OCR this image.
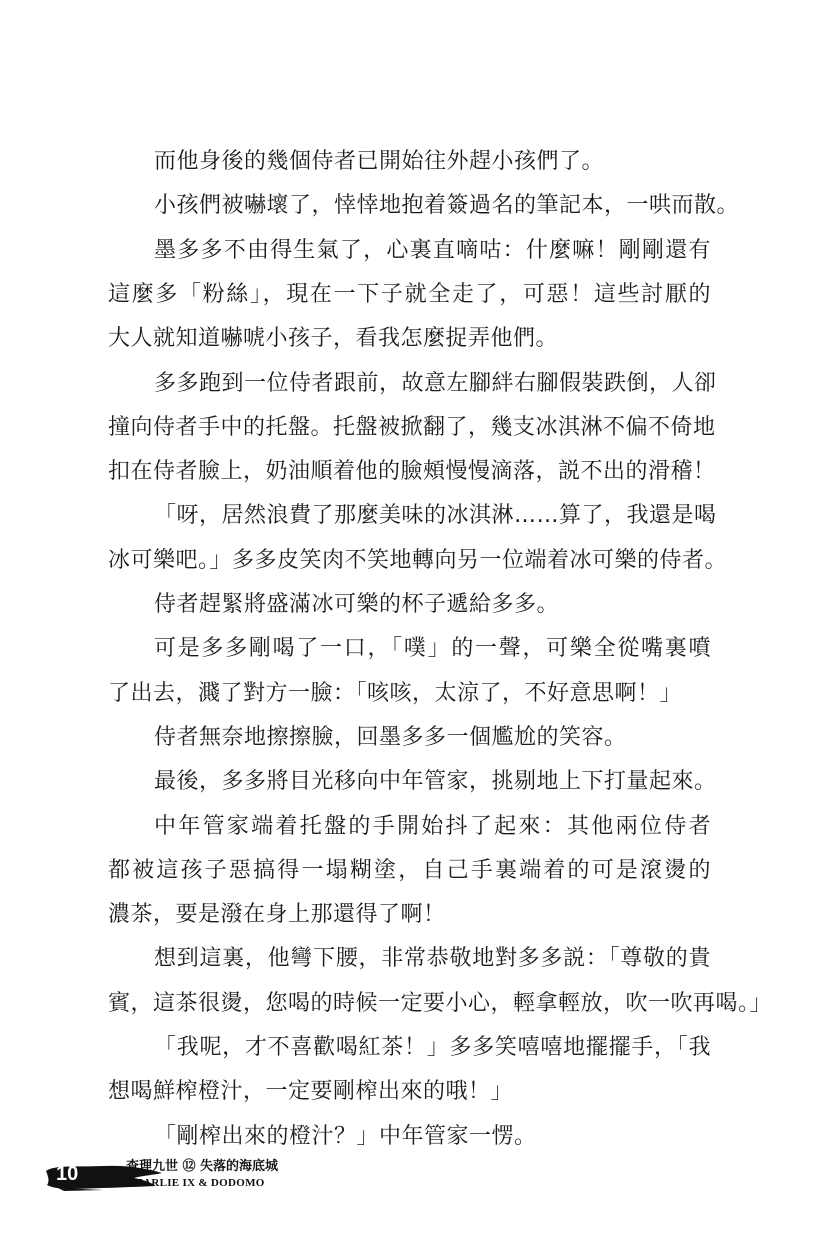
而他身後的幾個侍者已開始往外趕小孩們了。
小孩們被嚇壞了，悻悻地抱着簽過名的筆記本，一哄而散。
墨多多不由得生氣了，心裏直嘀咕：什麼嘛！剛剛還有
這麼多「粉絲」，現在一下子就全走了，可惡！這些討厭的
大人就知道嚇唬小孩子，看我怎麼捉弄他們。
多多跑到一位侍者跟前，故意左腳絆右腳假裝跌倒，人卻
撞向侍者手中的托盤。托盤被掀翻了，幾支冰淇淋不偏不倚地
扣在侍者臉上，奶油順着他的臉頰慢慢滴落，説不出的滑稽！
「呀，居然浪費了那麼美味的冰淇淋……算了，我還是喝
冰可樂吧。」多多皮笑肉不笑地轉向另一位端着冰可樂的侍者。
侍者趕緊將盛滿冰可樂的杯子遞給多多。
可是多多剛喝了一口，「噗」的一聲，可樂全從嘴裏噴
了出去，濺了對方一臉：「咳咳，太涼了，不好意思啊！」
侍者無奈地擦擦臉，回墨多多一個尷尬的笑容。
最後，多多將目光移向中年管家，挑剔地上下打量起來。
中年管家端着托盤的手開始抖了起來：其他兩位侍者
都被這孩子惡搞得一塌糊塗，自己手裏端着的可是滾燙的
濃茶，要是潑在身上那還得了啊！
想到這裏，他彎下腰，非常恭敬地對多多説：「尊敬的貴
賓，這茶很燙，您喝的時候一定要小心，輕拿輕放，吹一吹再喝。」
「我呢，才不喜歡喝紅茶！」多多笑嘻嘻地擺擺手，「我
想喝鮮榨橙汁，一定要剛榨出來的哦！」
「剛榨出來的橙汁？」中年管家一愣。
10	查理九世 ⑫ 失落的海底城
CHARLIE IX & DODOMO
